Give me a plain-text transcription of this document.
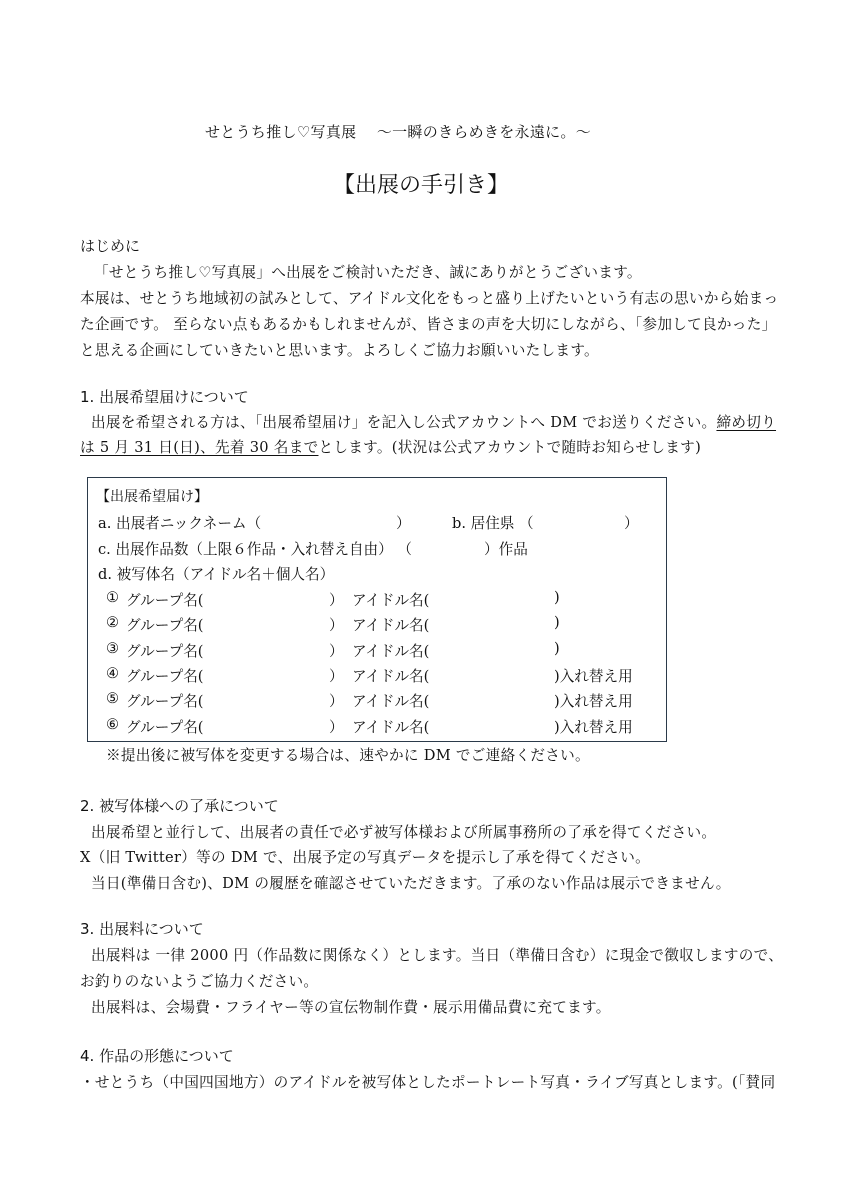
せとうち推し♡写真展　 〜一瞬のきらめきを永遠に。〜
【出展の手引き】
はじめに
「せとうち推し♡写真展」へ出展をご検討いただき、誠にありがとうございます。
本展は、せとうち地域初の試みとして、アイドル文化をもっと盛り上げたいという有志の思いから始まっ
た企画です。 至らない点もあるかもしれませんが、皆さまの声を大切にしながら、「参加して良かった」
と思える企画にしていきたいと思います。よろしくご協力お願いいたします。
1. 出展希望届けについて
出展を希望される方は、「出展希望届け」を記入し公式アカウントへ DM でお送りください。締め切り
は 5 月 31 日(日)、先着 30 名までとします。(状況は公式アカウントで随時お知らせします)
【出展希望届け】
a. 出展者ニックネーム（	）	b. 居住県 （	）
c. 出展作品数（上限６作品・入れ替え自由） （	）作品
d. 被写体名（アイドル名＋個人名）
① グループ名(	） アイドル名(	)
② グループ名(	） アイドル名(	)
③ グループ名(	） アイドル名(	)
④ グループ名(	） アイドル名(	)入れ替え用
⑤ グループ名(	） アイドル名(	)入れ替え用
⑥ グループ名(	） アイドル名(	)入れ替え用
※提出後に被写体を変更する場合は、速やかに DM でご連絡ください。
2. 被写体様への了承について
出展希望と並行して、出展者の責任で必ず被写体様および所属事務所の了承を得てください。
X（旧 Twitter）等の DM で、出展予定の写真データを提示し了承を得てください。
当日(準備日含む)、DM の履歴を確認させていただきます。了承のない作品は展示できません。
3. 出展料について
出展料は 一律 2000 円（作品数に関係なく）とします。当日（準備日含む）に現金で徴収しますので、
お釣りのないようご協力ください。
出展料は、会場費・フライヤー等の宣伝物制作費・展示用備品費に充てます。
4. 作品の形態について
・せとうち（中国四国地方）のアイドルを被写体としたポートレート写真・ライブ写真とします。(「賛同
